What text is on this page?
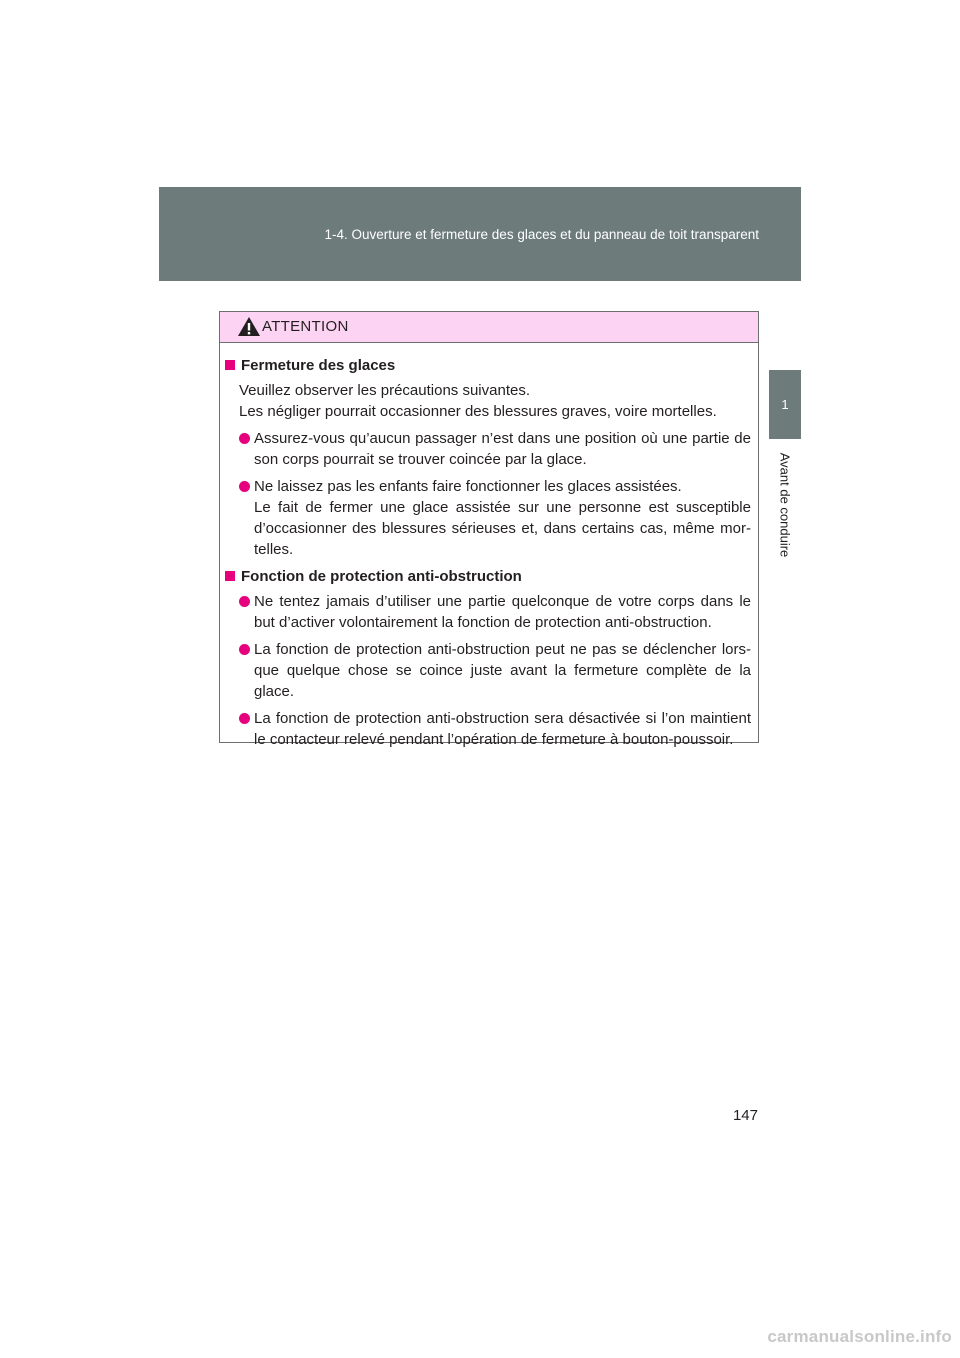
1-4. Ouverture et fermeture des glaces et du panneau de toit transparent
1
Avant de conduire
ATTENTION
Fermeture des glaces

Veuillez observer les précautions suivantes.

Les négliger pourrait occasionner des blessures graves, voire mortelles.

Assurez-vous qu’aucun passager n’est dans une position où une partie de son corps pourrait se trouver coincée par la glace.
Ne laissez pas les enfants faire fonctionner les glaces assistées.
Le fait de fermer une glace assistée sur une personne est susceptible d’occasionner des blessures sérieuses et, dans certains cas, même mor-telles.
Fonction de protection anti-obstruction
Ne tentez jamais d’utiliser une partie quelconque de votre corps dans le but d’activer volontairement la fonction de protection anti-obstruction.
La fonction de protection anti-obstruction peut ne pas se déclencher lors-que quelque chose se coince juste avant la fermeture complète de la glace.
La fonction de protection anti-obstruction sera désactivée si l’on maintient le contacteur relevé pendant l’opération de fermeture à bouton-poussoir.
147
carmanualsonline.info
